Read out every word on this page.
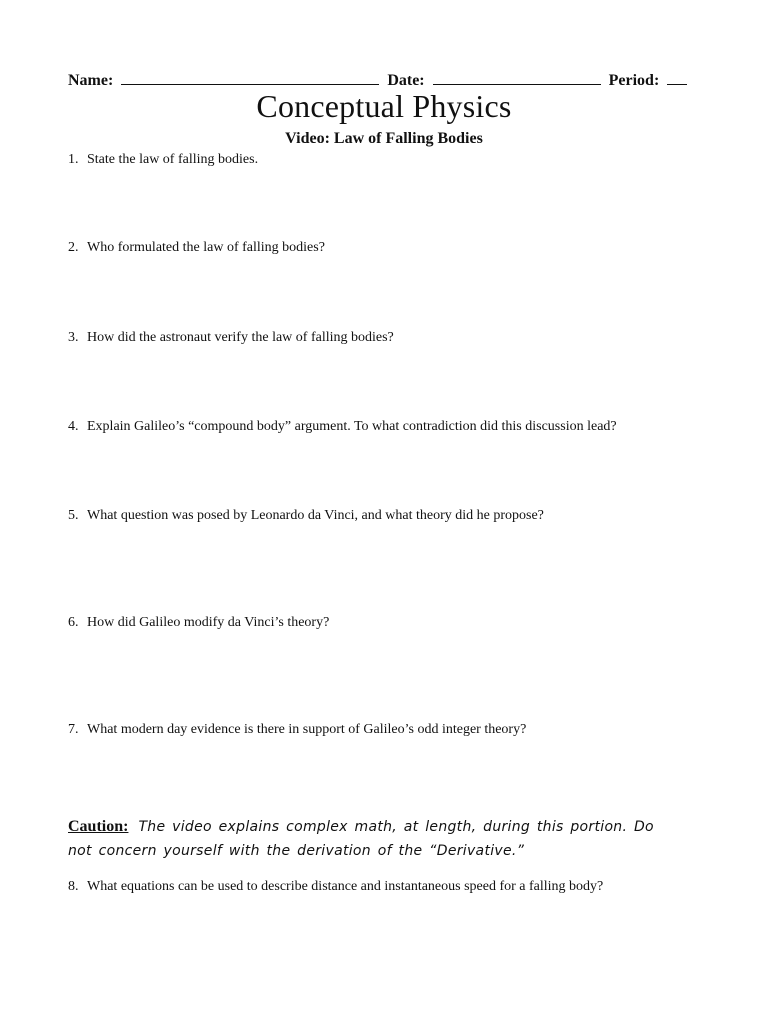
Name:	Date:	Period:
Conceptual Physics
Video: Law of Falling Bodies
1. State the law of falling bodies.
2. Who formulated the law of falling bodies?
3. How did the astronaut verify the law of falling bodies?
4. Explain Galileo’s “compound body” argument. To what contradiction did this discussion lead?
5. What question was posed by Leonardo da Vinci, and what theory did he propose?
6. How did Galileo modify da Vinci’s theory?
7. What modern day evidence is there in support of Galileo’s odd integer theory?
Caution: The video explains complex math, at length, during this portion. Do not concern yourself with the derivation of the “Derivative.”
8. What equations can be used to describe distance and instantaneous speed for a falling body?
